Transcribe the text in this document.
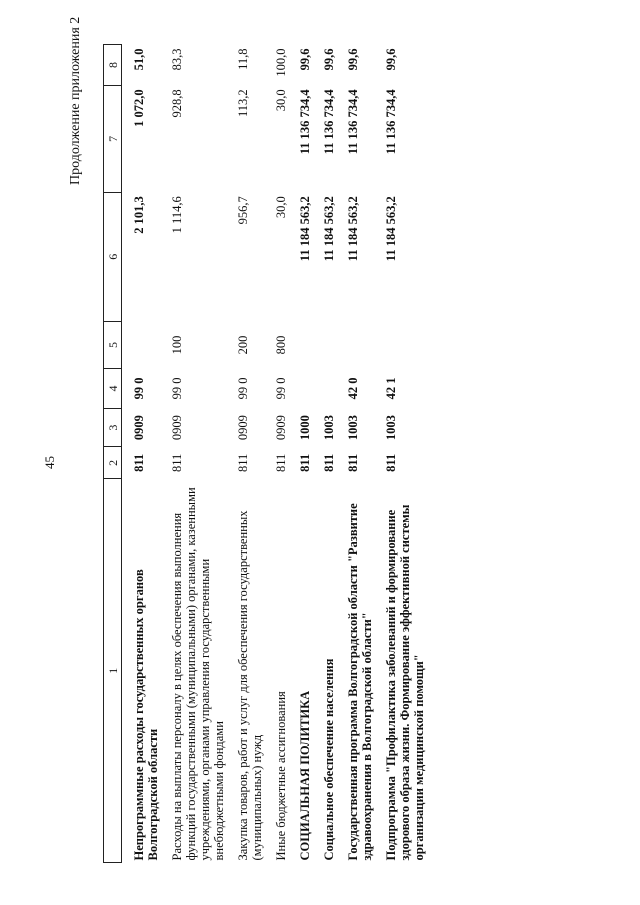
45
Продолжение приложения 2
1	2	3	4	5	6	7	8

Непрограммные расходы государственных органов Волгоградской области	811	0909	99 0		2 101,3	1 072,0	51,0

Расходы на выплаты персоналу в целях обеспечения выполнения функций государственными (муниципальными) органами, казенными учреждениями, органами управления государственными внебюджетными фондами	811	0909	99 0	100	1 114,6	928,8	83,3

Закупка товаров, работ и услуг для обеспечения государственных (муниципальных) нужд	811	0909	99 0	200	956,7	113,2	11,8

Иные бюджетные ассигнования	811	0909	99 0	800	30,0	30,0	100,0

СОЦИАЛЬНАЯ ПОЛИТИКА	811	1000			11 184 563,2	11 136 734,4	99,6

Социальное обеспечение населения	811	1003			11 184 563,2	11 136 734,4	99,6

Государственная программа Волгоградской области "Развитие здравоохранения в Волгоградской области"	811	1003	42 0		11 184 563,2	11 136 734,4	99,6

Подпрограмма "Профилактика заболеваний и формирование здорового образа жизни. Формирование эффективной системы организации медицинской помощи"	811	1003	42 1		11 184 563,2	11 136 734,4	99,6
